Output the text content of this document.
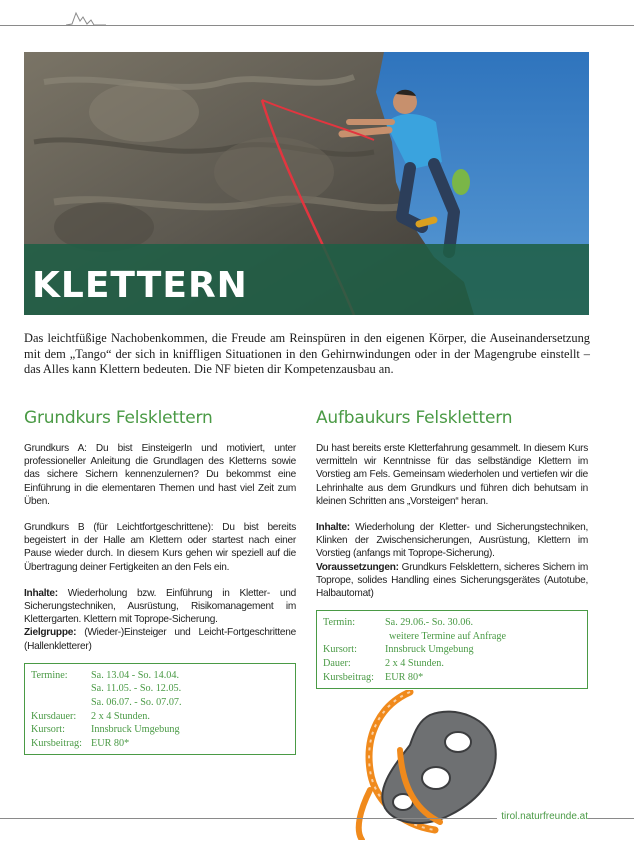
KLETTERN

Das leichtfüßige Nachobenkommen, die Freude am Reinspüren in den eigenen Körper, die Auseinandersetzung mit dem „Tango“ der sich in kniffligen Situationen in den Gehirnwindungen oder in der Magengrube einstellt – das Alles kann Klettern bedeuten. Die NF bieten dir Kompetenzausbau an.

Grundkurs Felsklettern

Grundkurs A: Du bist EinsteigerIn und motiviert, unter professioneller Anleitung die Grundlagen des Kletterns sowie das sichere Sichern kennenzulernen? Du bekommst eine Einführung in die elementaren Themen und hast viel Zeit zum Üben.

Grundkurs B (für Leichtfortgeschrittene): Du bist bereits begeistert in der Halle am Klettern oder startest nach einer Pause wieder durch. In diesem Kurs gehen wir speziell auf die Übertragung deiner Fertigkeiten an den Fels ein.

Inhalte: Wiederholung bzw. Einführung in Kletter- und Sicherungstechniken, Ausrüstung, Risikomanagement im Klettergarten. Klettern mit Toprope-Sicherung.

Zielgruppe: (Wieder-)Einsteiger und Leicht-Fortgeschrittene (Hallenkletterer)

Termine:	Sa. 13.04 - So. 14.04.
	Sa. 11.05. - So. 12.05.
	Sa. 06.07. - So. 07.07.
Kursdauer:	2 x 4 Stunden.
Kursort:	Innsbruck Umgebung
Kursbeitrag:	EUR 80*
Aufbaukurs Felsklettern

Du hast bereits erste Kletterfahrung gesammelt. In diesem Kurs vermitteln wir Kenntnisse für das selbständige Klettern im Vorstieg am Fels. Gemeinsam wiederholen und vertiefen wir die Lehrinhalte aus dem Grundkurs und führen dich behutsam in kleinen Schritten ans „Vorsteigen“ heran.

Inhalte: Wiederholung der Kletter- und Sicherungstechniken, Klinken der Zwischensicherungen, Ausrüstung, Klettern im Vorstieg (anfangs mit Toprope-Sicherung).

Voraussetzungen: Grundkurs Felsklettern, sicheres Sichern im Toprope, solides Handling eines Sicherungsgerätes (Autotube, Halbautomat)

Termin:	Sa. 29.06.- So. 30.06.
	weitere Termine auf Anfrage
Kursort:	Innsbruck Umgebung
Dauer:	2 x 4 Stunden.
Kursbeitrag:	EUR 80*
tirol.naturfreunde.at
